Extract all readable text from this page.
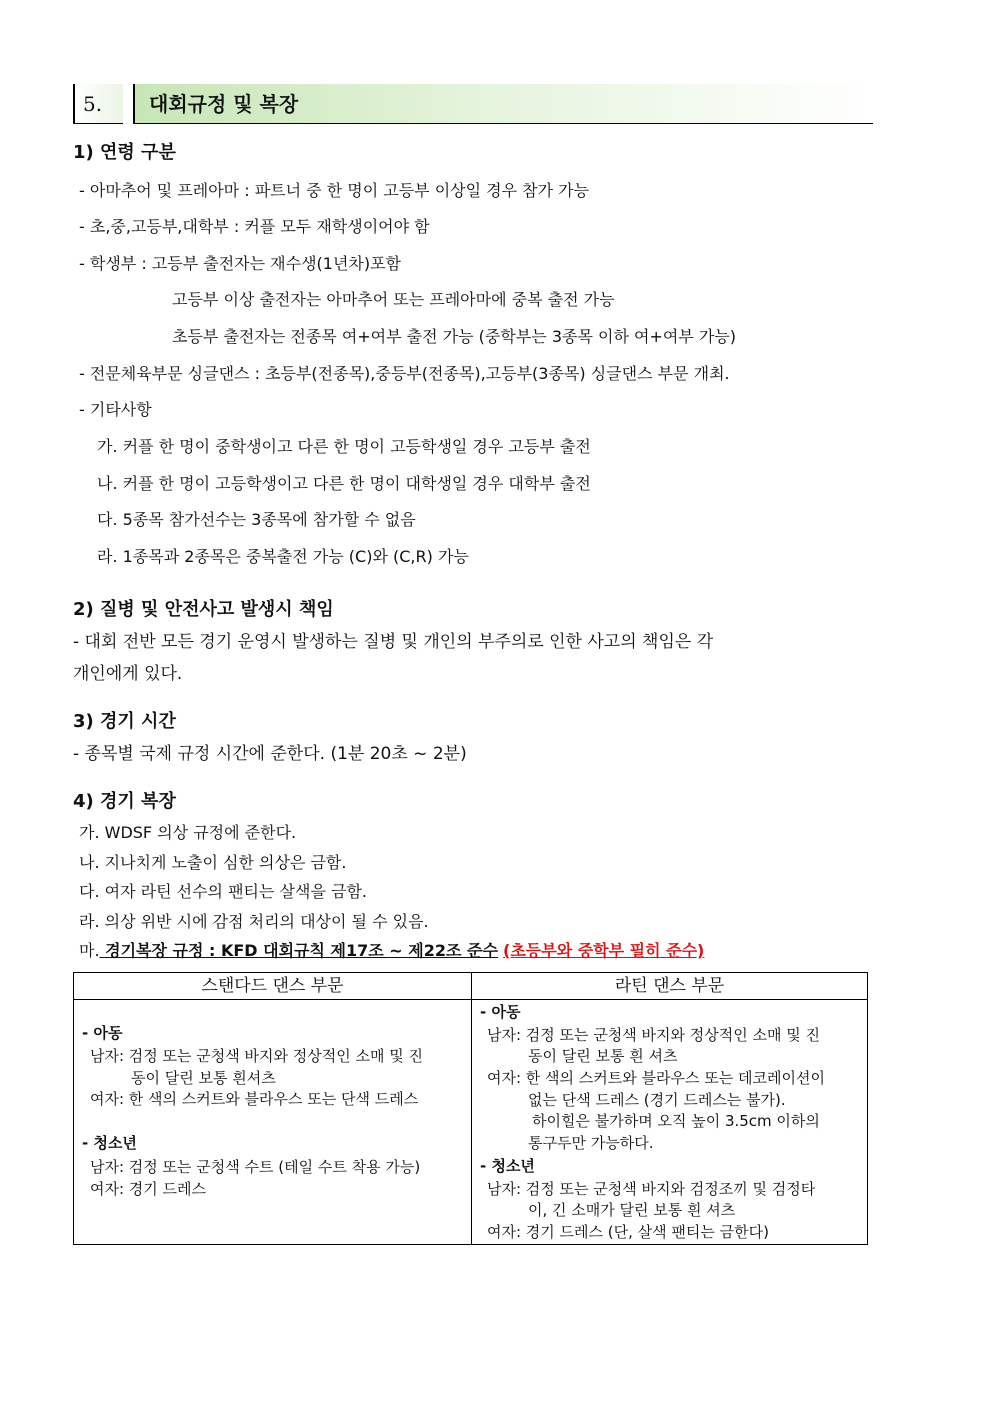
5.	대회규정 및 복장
1) 연령 구분
- 아마추어 및 프레아마 : 파트너 중 한 명이 고등부 이상일 경우 참가 가능
- 초,중,고등부,대학부 : 커플 모두 재학생이어야 함
- 학생부 : 고등부 출전자는 재수생(1년차)포함
고등부 이상 출전자는 아마추어 또는 프레아마에 중복 출전 가능
초등부 출전자는 전종목 여+여부 출전 가능 (중학부는 3종목 이하 여+여부 가능)
- 전문체육부문 싱글댄스 : 초등부(전종목),중등부(전종목),고등부(3종목) 싱글댄스 부문 개최.
- 기타사항
가. 커플 한 명이 중학생이고 다른 한 명이 고등학생일 경우 고등부 출전
나. 커플 한 명이 고등학생이고 다른 한 명이 대학생일 경우 대학부 출전
다. 5종목 참가선수는 3종목에 참가할 수 없음
라. 1종목과 2종목은 중복출전 가능 (C)와 (C,R) 가능
2) 질병 및 안전사고 발생시 책임
- 대회 전반 모든 경기 운영시 발생하는 질병 및 개인의 부주의로 인한 사고의 책임은 각
개인에게 있다.
3) 경기 시간
- 종목별 국제 규정 시간에 준한다. (1분 20초 ~ 2분)
4) 경기 복장
가. WDSF 의상 규정에 준한다.
나. 지나치게 노출이 심한 의상은 금함.
다. 여자 라틴 선수의 팬티는 살색을 금함.
라. 의상 위반 시에 감점 처리의 대상이 될 수 있음.
마. 경기복장 규정 : KFD 대회규칙 제17조 ~ 제22조 준수 (초등부와 중학부 필히 준수)
스탠다드 댄스 부문	라틴 댄스 부문
- 아동
남자: 검정 또는 군청색 바지와 정상적인 소매 및 진
동이 달린 보통 흰셔츠
여자: 한 색의 스커트와 블라우스 또는 단색 드레스
- 청소년
남자: 검정 또는 군청색 수트 (테일 수트 착용 가능)
여자: 경기 드레스
- 아동
남자: 검정 또는 군청색 바지와 정상적인 소매 및 진
동이 달린 보통 흰 셔츠
여자: 한 색의 스커트와 블라우스 또는 데코레이션이
없는 단색 드레스 (경기 드레스는 불가).
하이힐은 불가하며 오직 높이 3.5cm 이하의
통구두만 가능하다.
- 청소년
남자: 검정 또는 군청색 바지와 검정조끼 및 검정타
이, 긴 소매가 달린 보통 흰 셔츠
여자: 경기 드레스 (단, 살색 팬티는 금한다)
